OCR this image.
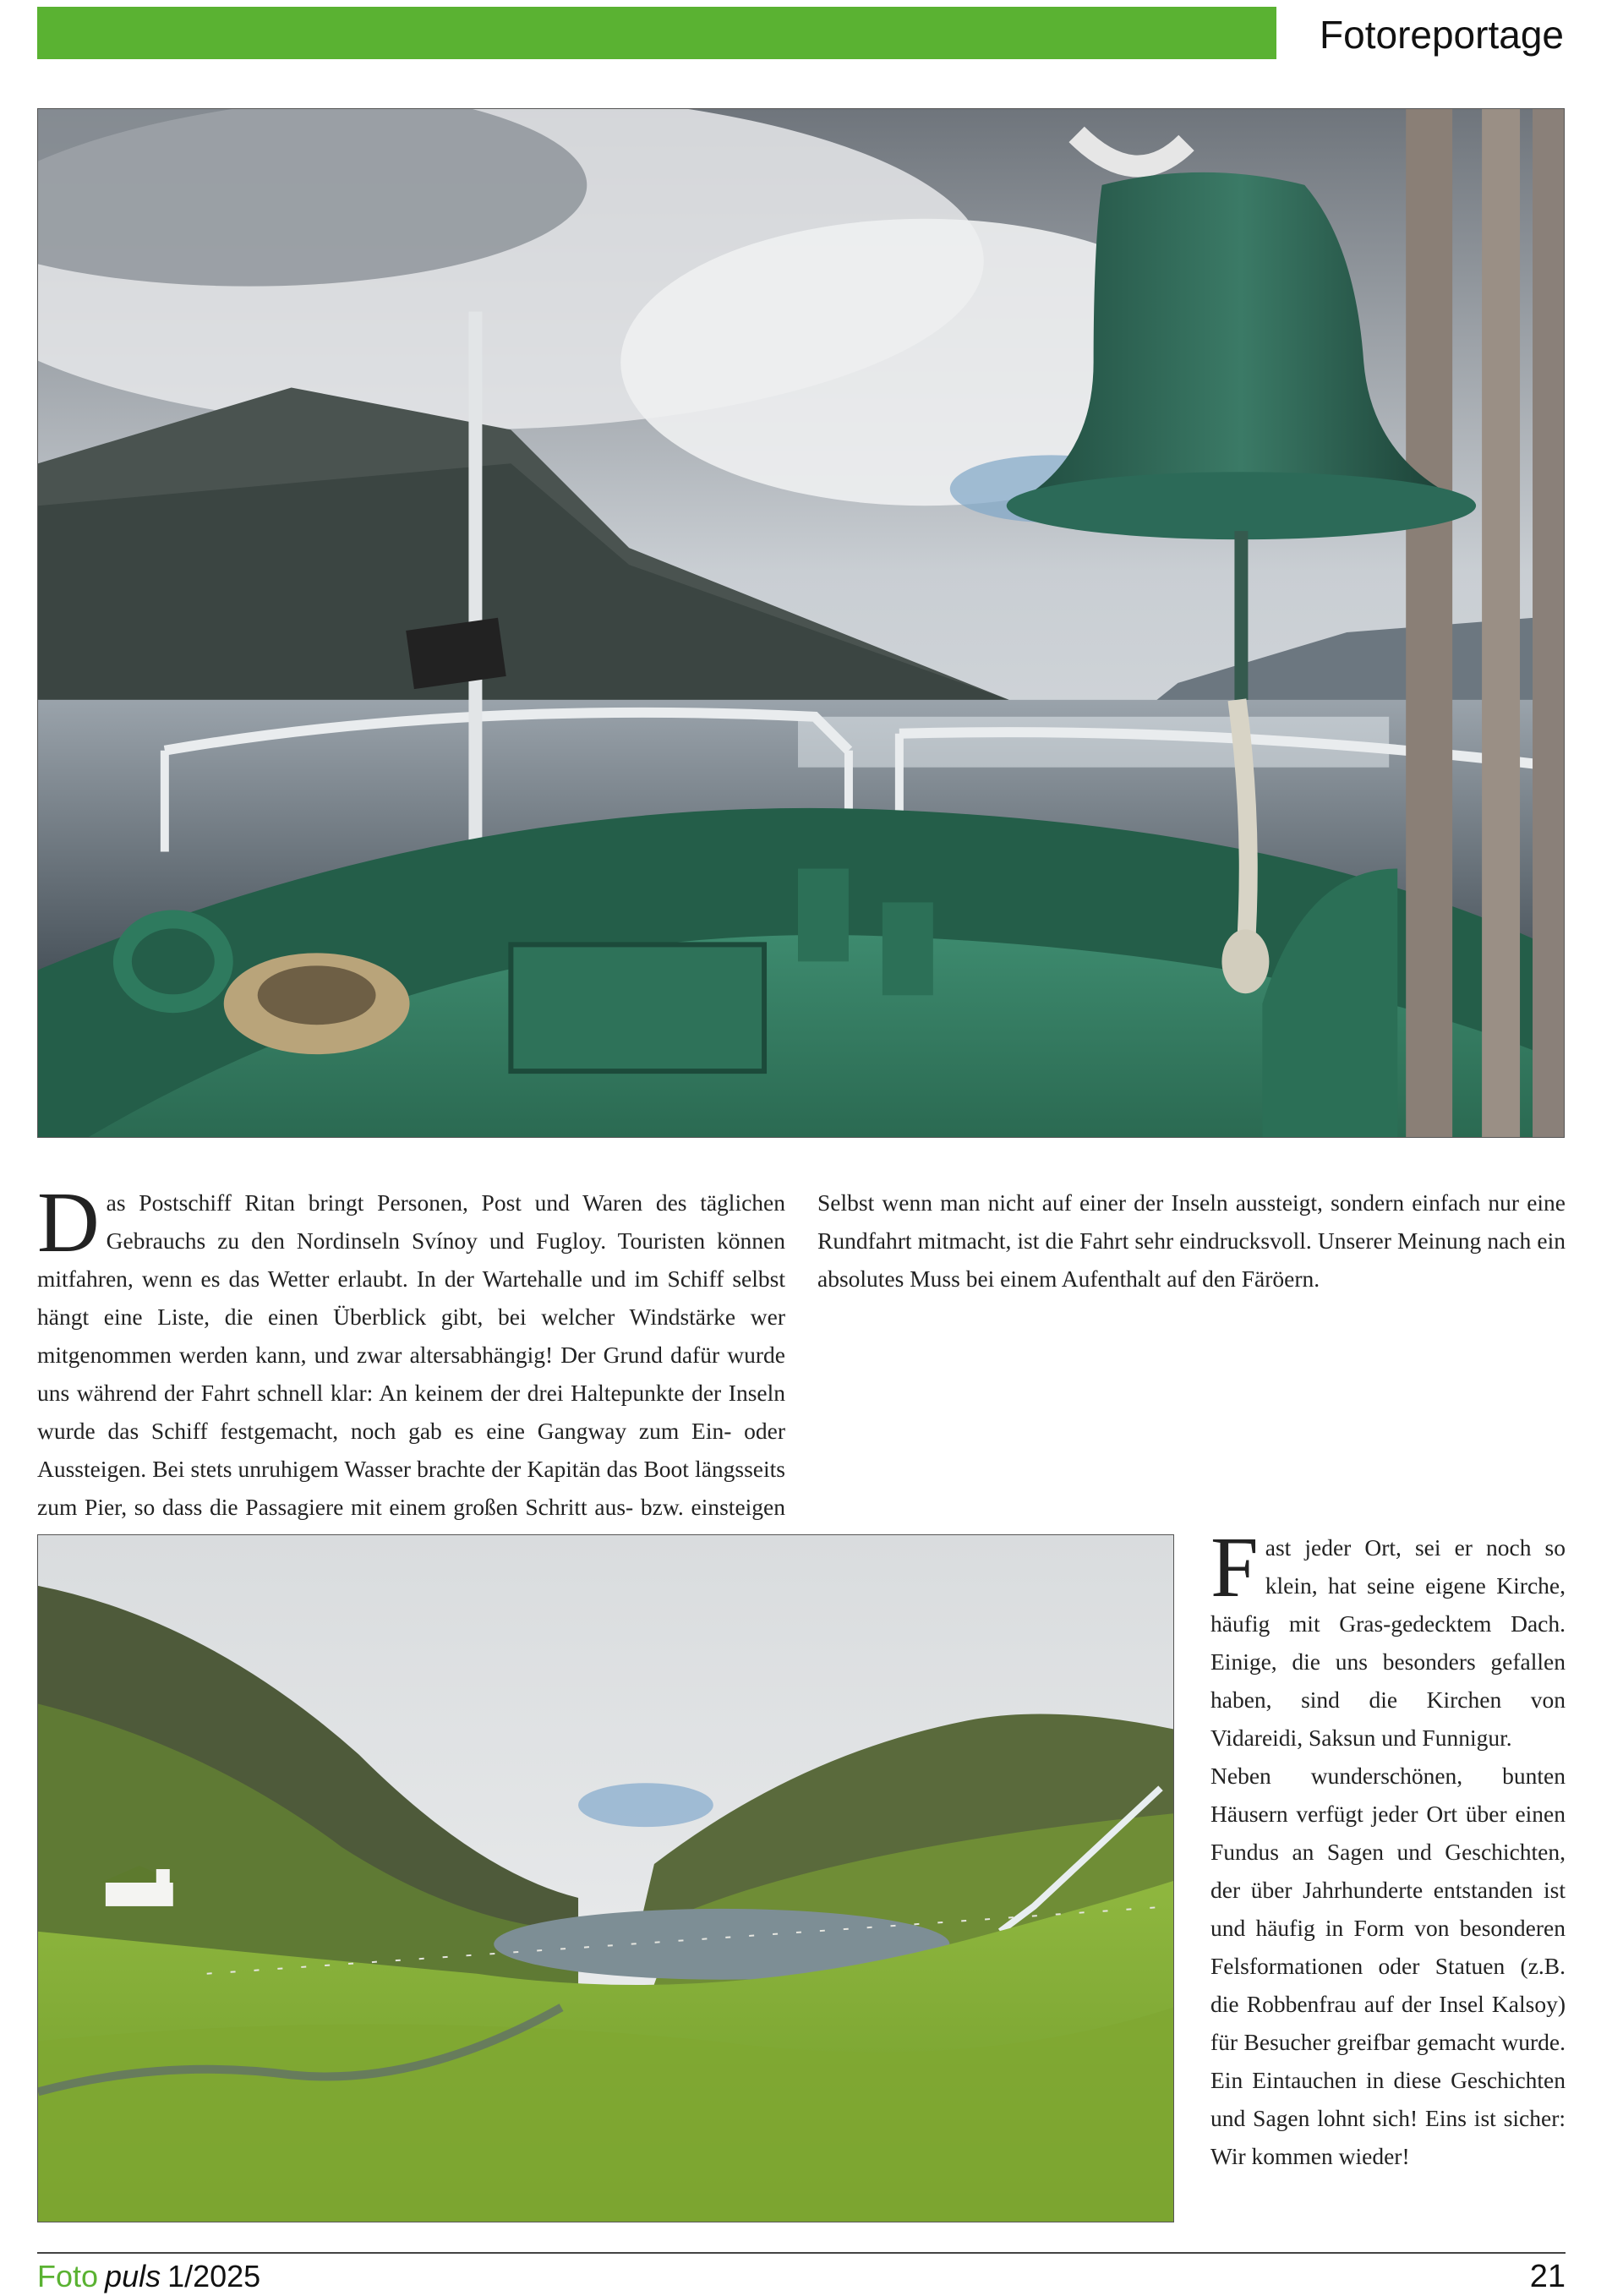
Fotoreportage

Das Postschiff Ritan bringt Personen, Post und Waren des täglichen Gebrauchs zu den Nordinseln Svínoy und Fugloy. Touristen können mitfahren, wenn es das Wetter erlaubt. In der Wartehalle und im Schiff selbst hängt eine Liste, die einen Überblick gibt, bei welcher Windstärke wer mitgenommen werden kann, und zwar altersabhängig! Der Grund dafür wurde uns während der Fahrt schnell klar: An keinem der drei Haltepunkte der Inseln wurde das Schiff festgemacht, noch gab es eine Gangway zum Ein- oder Aussteigen. Bei stets unruhigem Wasser brachte der Kapitän das Boot längsseits zum Pier, so dass die Passagiere mit einem großen Schritt aus- bzw. einsteigen

Selbst wenn man nicht auf einer der Inseln aussteigt, sondern einfach nur eine Rundfahrt mitmacht, ist die Fahrt sehr eindrucksvoll. Unserer Meinung nach ein absolutes Muss bei einem Aufenthalt auf den Färöern.

Fast jeder Ort, sei er noch so klein, hat seine eigene Kirche, häufig mit Gras-gedecktem Dach. Einige, die uns besonders gefallen haben, sind die Kirchen von Vidareidi, Saksun und Funnigur.

Neben wunderschönen, bunten Häusern verfügt jeder Ort über einen Fundus an Sagen und Geschichten, der über Jahrhunderte entstanden ist und häufig in Form von besonderen Felsformationen oder Statuen (z.B. die Robbenfrau auf der Insel Kalsoy) für Besucher greifbar gemacht wurde. Ein Eintauchen in diese Geschichten und Sagen lohnt sich! Eins ist sicher: Wir kommen wieder!

Foto puls 1/2025	21
